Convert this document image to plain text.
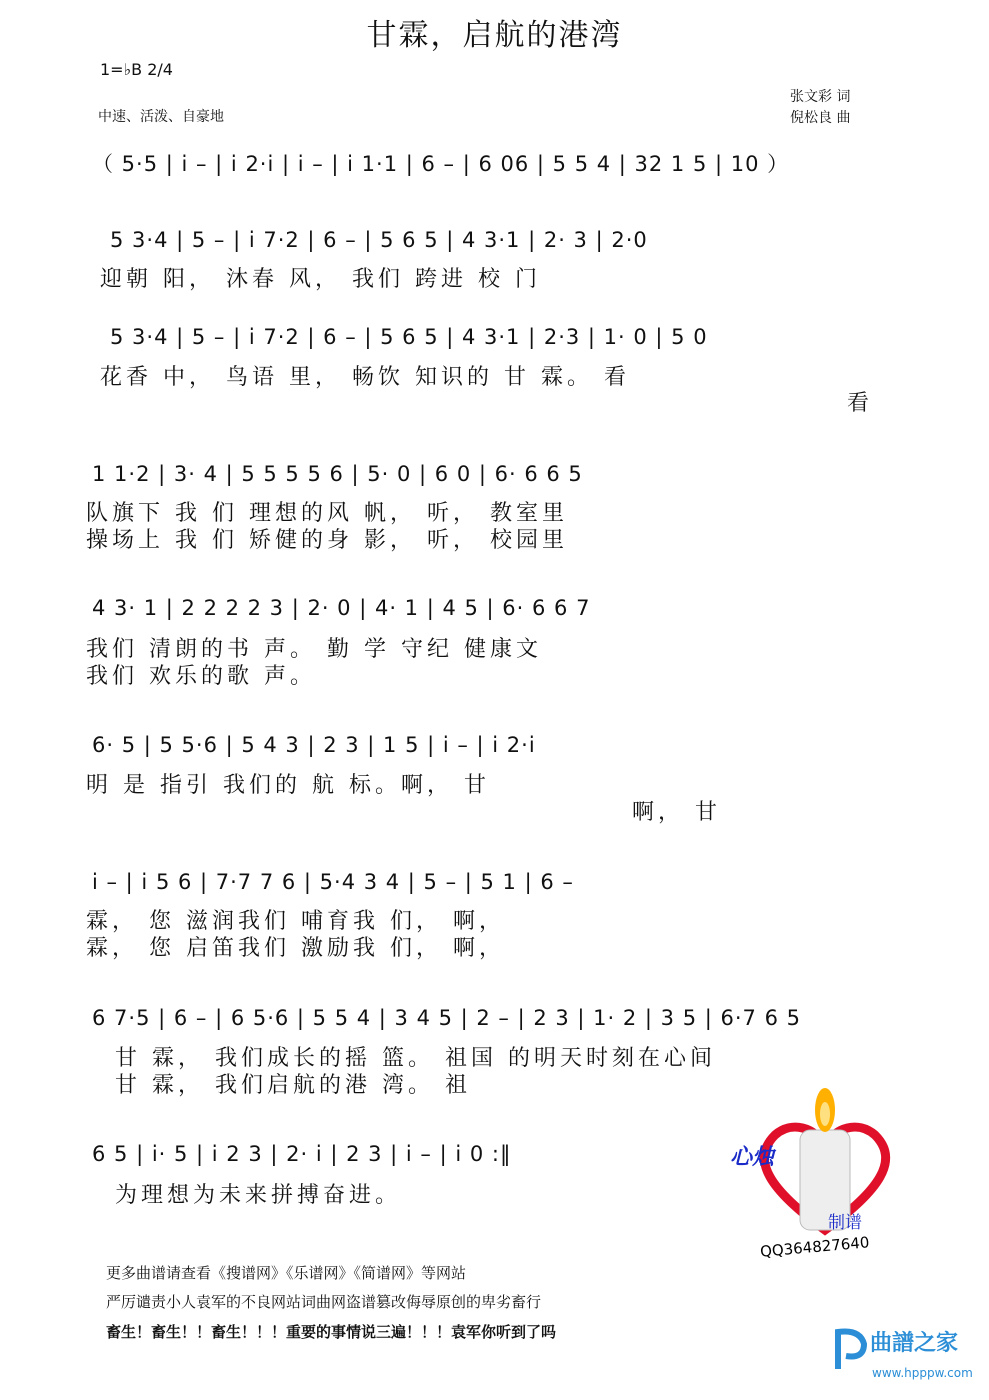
甘霖，启航的港湾
1=♭B 2/4
中速、活泼、自豪地
张文彩 词
倪松良 曲
（ 5·5 | i – | i 2·i | i – | i 1·1 | 6 – | 6 06 | 5 5 4 | 32 1 5 | 10 ）
5 3·4 | 5 – | i 7·2 | 6 – | 5 6 5 | 4 3·1 | 2· 3 | 2·0
迎朝 阳， 沐春 风， 我们 跨进 校 门
5 3·4 | 5 – | i 7·2 | 6 – | 5 6 5 | 4 3·1 | 2·3 | 1· 0 | 5 0
花香 中， 鸟语 里， 畅饮 知识的 甘 霖。 看
看
1 1·2 | 3· 4 | 5 5 5 5 6 | 5· 0 | 6 0 | 6· 6 6 5
队旗下 我 们 理想的风 帆， 听， 教室里
操场上 我 们 矫健的身 影， 听， 校园里
4 3· 1 | 2 2 2 2 3 | 2· 0 | 4· 1 | 4 5 | 6· 6 6 7
我们 清朗的书 声。 勤 学 守纪 健康文
我们 欢乐的歌 声。
6· 5 | 5 5·6 | 5 4 3 | 2 3 | 1 5 | i – | i 2·i
明 是 指引 我们的 航 标。啊， 甘
啊， 甘
i – | i 5 6 | 7·7 7 6 | 5·4 3 4 | 5 – | 5 1 | 6 –
霖， 您 滋润我们 哺育我 们， 啊，
霖， 您 启笛我们 激励我 们， 啊，
6 7·5 | 6 – | 6 5·6 | 5 5 4 | 3 4 5 | 2 – | 2 3 | 1· 2 | 3 5 | 6·7 6 5
甘 霖， 我们成长的摇 篮。 祖国 的明天时刻在心间
甘 霖， 我们启航的港 湾。 祖
6 5 | i· 5 | i 2 3 | 2· i | 2 3 | i – | i 0 :‖
为理想为未来拼搏奋进。
心烛
制谱
QQ364827640
更多曲谱请查看《搜谱网》《乐谱网》《简谱网》等网站
严厉谴责小人袁军的不良网站词曲网盗谱篡改侮辱原创的卑劣畜行
畜生！畜生！！畜生！！！重要的事情说三遍！！！袁军你听到了吗	曲譜之家
www.hpppw.com
